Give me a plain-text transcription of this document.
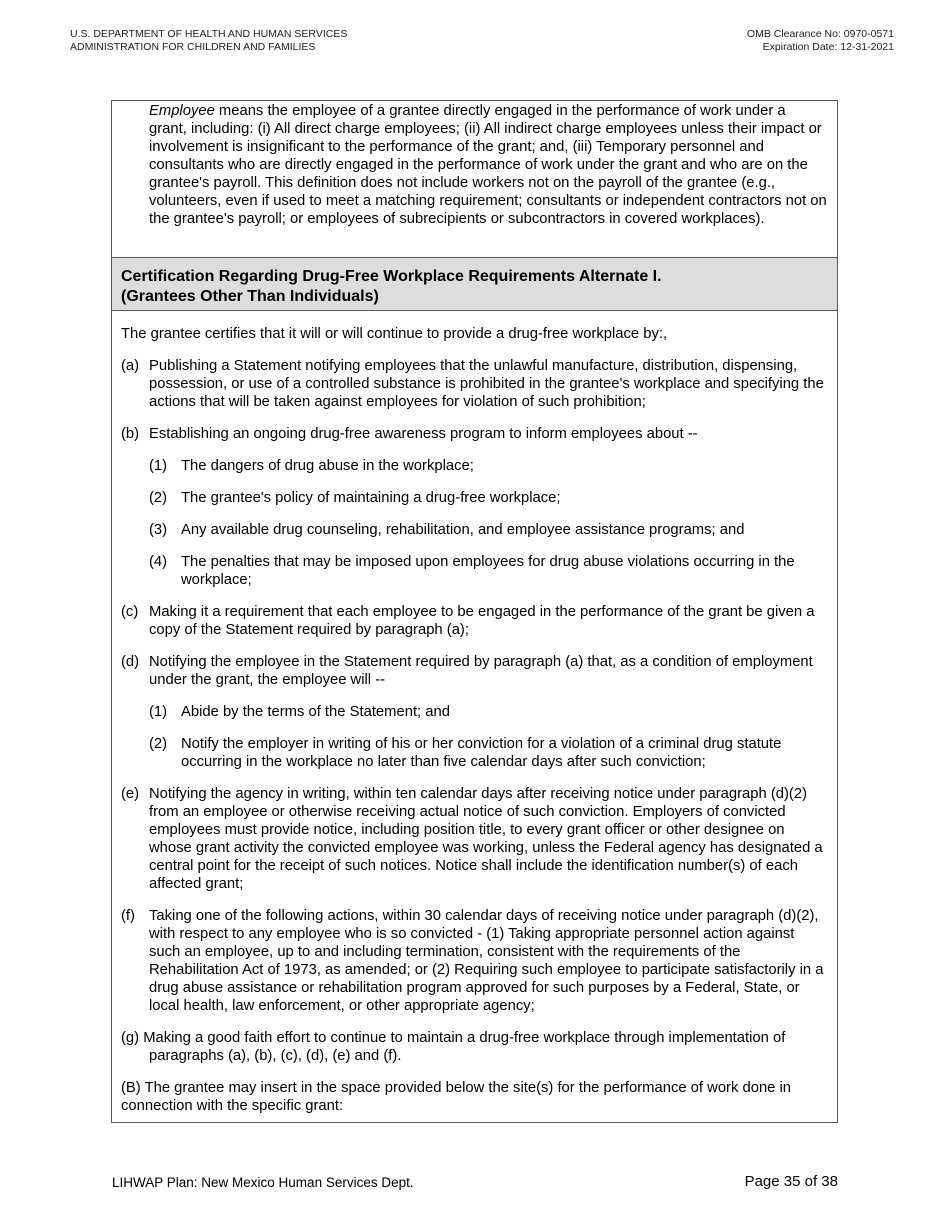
U.S. DEPARTMENT OF HEALTH AND HUMAN SERVICES
ADMINISTRATION FOR CHILDREN AND FAMILIES
OMB Clearance No: 0970-0571
Expiration Date: 12-31-2021
Employee means the employee of a grantee directly engaged in the performance of work under a grant, including: (i) All direct charge employees; (ii) All indirect charge employees unless their impact or involvement is insignificant to the performance of the grant; and, (iii) Temporary personnel and consultants who are directly engaged in the performance of work under the grant and who are on the grantee's payroll. This definition does not include workers not on the payroll of the grantee (e.g., volunteers, even if used to meet a matching requirement; consultants or independent contractors not on the grantee's payroll; or employees of subrecipients or subcontractors in covered workplaces).
Certification Regarding Drug-Free Workplace Requirements Alternate I.
(Grantees Other Than Individuals)

The grantee certifies that it will or will continue to provide a drug-free workplace by:,

(a) Publishing a Statement notifying employees that the unlawful manufacture, distribution, dispensing, possession, or use of a controlled substance is prohibited in the grantee's workplace and specifying the actions that will be taken against employees for violation of such prohibition;
(b) Establishing an ongoing drug-free awareness program to inform employees about --
(1) The dangers of drug abuse in the workplace;
(2) The grantee's policy of maintaining a drug-free workplace;
(3) Any available drug counseling, rehabilitation, and employee assistance programs; and
(4) The penalties that may be imposed upon employees for drug abuse violations occurring in the workplace;
(c) Making it a requirement that each employee to be engaged in the performance of the grant be given a copy of the Statement required by paragraph (a);
(d) Notifying the employee in the Statement required by paragraph (a) that, as a condition of employment under the grant, the employee will --
(1) Abide by the terms of the Statement; and
(2) Notify the employer in writing of his or her conviction for a violation of a criminal drug statute occurring in the workplace no later than five calendar days after such conviction;
(e) Notifying the agency in writing, within ten calendar days after receiving notice under paragraph (d)(2) from an employee or otherwise receiving actual notice of such conviction. Employers of convicted employees must provide notice, including position title, to every grant officer or other designee on whose grant activity the convicted employee was working, unless the Federal agency has designated a central point for the receipt of such notices. Notice shall include the identification number(s) of each affected grant;
(f) Taking one of the following actions, within 30 calendar days of receiving notice under paragraph (d)(2), with respect to any employee who is so convicted - (1) Taking appropriate personnel action against such an employee, up to and including termination, consistent with the requirements of the Rehabilitation Act of 1973, as amended; or (2) Requiring such employee to participate satisfactorily in a drug abuse assistance or rehabilitation program approved for such purposes by a Federal, State, or local health, law enforcement, or other appropriate agency;

(g) Making a good faith effort to continue to maintain a drug-free workplace through implementation of paragraphs (a), (b), (c), (d), (e) and (f).

(B) The grantee may insert in the space provided below the site(s) for the performance of work done in connection with the specific grant:

LIHWAP Plan: New Mexico Human Services Dept.	Page 35 of 38
